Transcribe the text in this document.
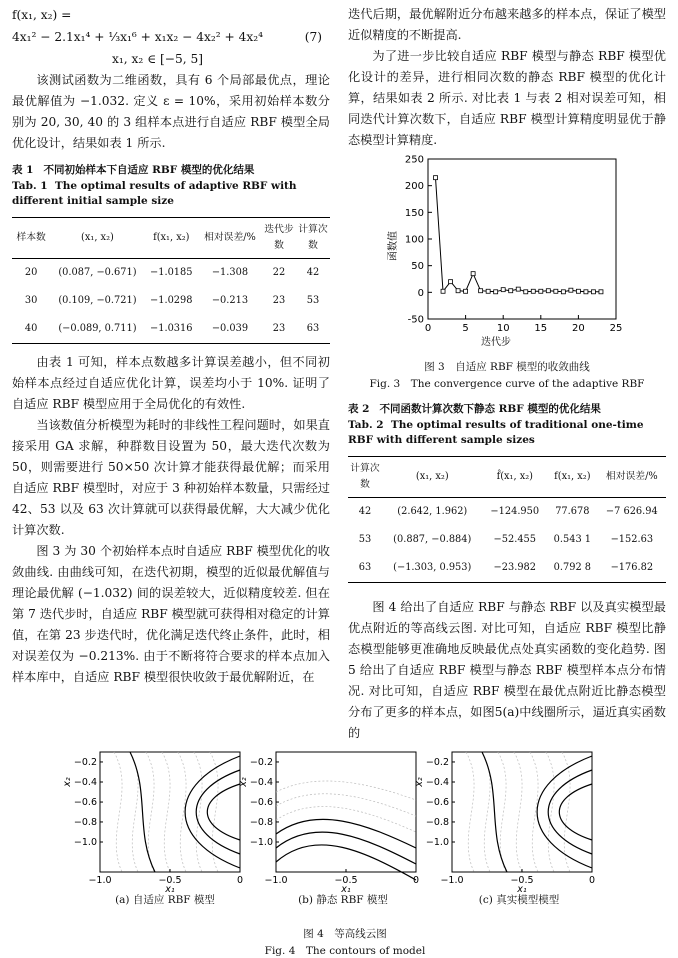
f(x₁, x₂) =
4x₁² − 2.1x₁⁴ + ⅓x₁⁶ + x₁x₂ − 4x₂² + 4x₂⁴	(7)
x₁, x₂ ∈ [−5, 5]

该测试函数为二维函数，具有 6 个局部最优点，理论最优解值为 −1.032. 定义 ε = 10%，采用初始样本数分别为 20, 30, 40 的 3 组样本点进行自适应 RBF 模型全局优化设计，结果如表 1 所示.

表 1 不同初始样本下自适应 RBF 模型的优化结果
Tab. 1 The optimal results of adaptive RBF with different initial sample size
样本数	(x₁, x₂)	f(x₁, x₂)	相对误差/%	迭代步数	计算次数
20	(0.087, −0.671)	−1.0185	−1.308	22	42
30	(0.109, −0.721)	−1.0298	−0.213	23	53
40	(−0.089, 0.711)	−1.0316	−0.039	23	63

由表 1 可知，样本点数越多计算误差越小，但不同初始样本点经过自适应优化计算，误差均小于 10%. 证明了自适应 RBF 模型应用于全局优化的有效性.

当该数值分析模型为耗时的非线性工程问题时，如果直接采用 GA 求解，种群数目设置为 50，最大迭代次数为 50，则需要进行 50×50 次计算才能获得最优解；而采用自适应 RBF 模型时，对应于 3 种初始样本数量，只需经过 42、53 以及 63 次计算就可以获得最优解，大大减少优化计算次数.

图 3 为 30 个初始样本点时自适应 RBF 模型优化的收敛曲线. 由曲线可知，在迭代初期，模型的近似最优解值与理论最优解 (−1.032) 间的误差较大，近似精度较差. 但在第 7 迭代步时，自适应 RBF 模型就可获得相对稳定的计算值，在第 23 步迭代时，优化满足迭代终止条件，此时，相对误差仅为 −0.213%. 由于不断将符合要求的样本点加入样本库中，自适应 RBF 模型很快收敛于最优解附近，在

迭代后期，最优解附近分布越来越多的样本点，保证了模型近似精度的不断提高.

为了进一步比较自适应 RBF 模型与静态 RBF 模型优化设计的差异，进行相同次数的静态 RBF 模型的优化计算，结果如表 2 所示. 对比表 1 与表 2 相对误差可知，相同迭代计算次数下，自适应 RBF 模型计算精度明显优于静态模型计算精度.

0	5	10 15 20 25
-50
0
50
100
150
200
250
迭代步
函数值
图 3　自适应 RBF 模型的收敛曲线
Fig. 3　The convergence curve of the adaptive RBF
表 2 不同函数计算次数下静态 RBF 模型的优化结果
Tab. 2 The optimal results of traditional one-time RBF with different sample sizes
计算次数	(x₁, x₂)	f̂(x₁, x₂)	f(x₁, x₂)	相对误差/%
42	(2.642, 1.962)	−124.950	77.678	−7 626.94
53	(0.887, −0.884)	−52.455	0.543 1	−152.63
63	(−1.303, 0.953)	−23.982	0.792 8	−176.82

图 4 给出了自适应 RBF 与静态 RBF 以及真实模型最优点附近的等高线云图. 对比可知，自适应 RBF 模型比静态模型能够更准确地反映最优点处真实函数的变化趋势. 图 5 给出了自适应 RBF 模型与静态 RBF 模型样本点分布情况. 对比可知，自适应 RBF 模型在最优点附近比静态模型分布了更多的样本点，如图5(a)中线圈所示，逼近真实函数的

−1.0	−0.5	0
−0.2
−0.4
−0.6
−0.8
−1.0
x₁
x₂
−1.0	−0.5	0
−0.2
−0.4
−0.6
−0.8
−1.0
x₁
x₂
−1.0	−0.5	0
−0.2
−0.4
−0.6
−0.8
−1.0
x₁
x₂
(a) 自适应 RBF 模型	(b) 静态 RBF 模型	(c) 真实模型模型
图 4　等高线云图
Fig. 4　The contours of model
